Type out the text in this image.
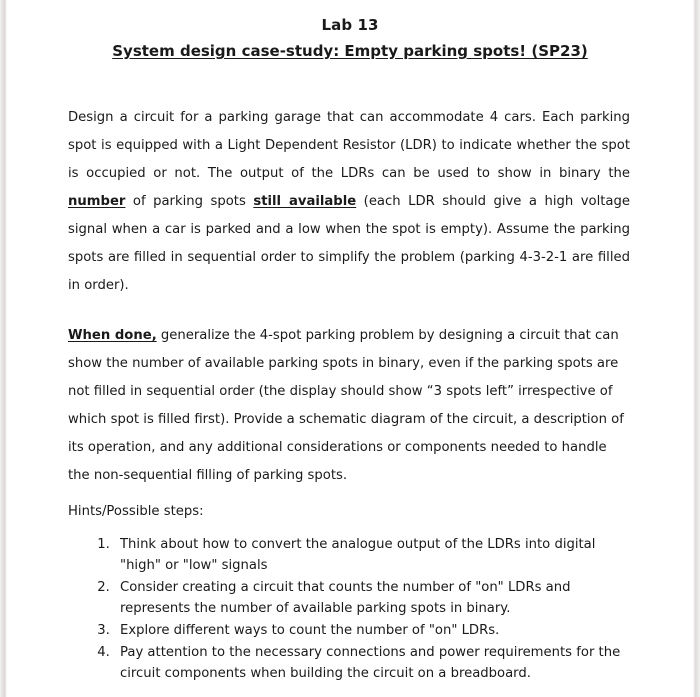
Lab 13
System design case-study: Empty parking spots! (SP23)

Design a circuit for a parking garage that can accommodate 4 cars. Each parking spot is equipped with a Light Dependent Resistor (LDR) to indicate whether the spot is occupied or not. The output of the LDRs can be used to show in binary the number of parking spots still available (each LDR should give a high voltage signal when a car is parked and a low when the spot is empty). Assume the parking spots are filled in sequential order to simplify the problem (parking 4-3-2-1 are filled in order).

When done, generalize the 4-spot parking problem by designing a circuit that can show the number of available parking spots in binary, even if the parking spots are not filled in sequential order (the display should show “3 spots left” irrespective of which spot is filled first). Provide a schematic diagram of the circuit, a description of its operation, and any additional considerations or components needed to handle the non-sequential filling of parking spots.

Hints/Possible steps:

1. Think about how to convert the analogue output of the LDRs into digital "high" or "low" signals
2. Consider creating a circuit that counts the number of "on" LDRs and represents the number of available parking spots in binary.
3. Explore different ways to count the number of "on" LDRs.
4. Pay attention to the necessary connections and power requirements for the circuit components when building the circuit on a breadboard.
